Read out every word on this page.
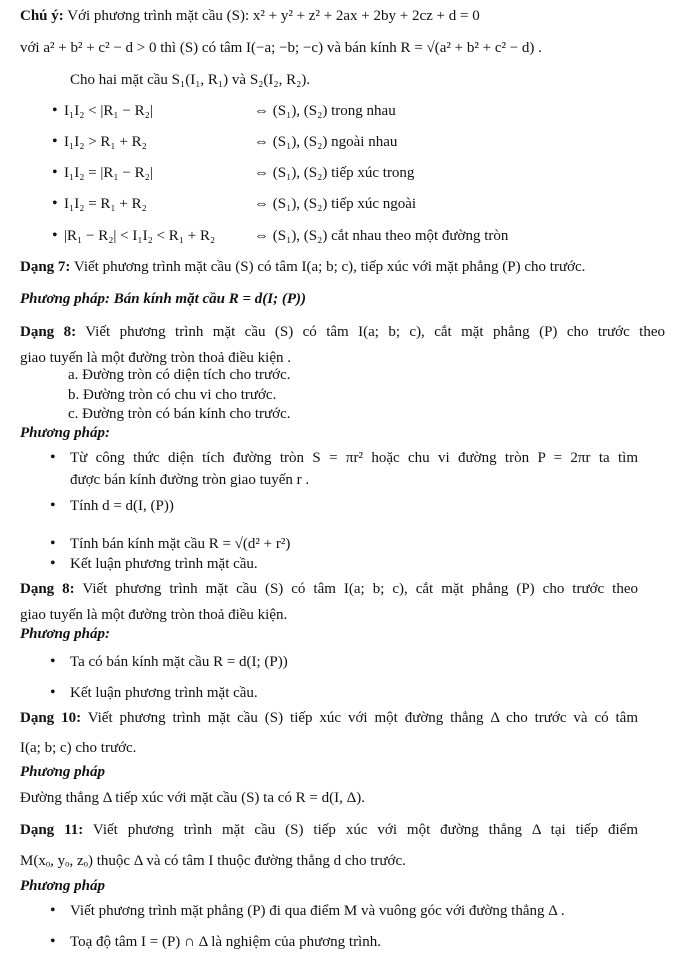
Chú ý: Với phương trình mặt cầu (S): x² + y² + z² + 2ax + 2by + 2cz + d = 0
với a² + b² + c² − d > 0 thì (S) có tâm I(−a; −b; −c) và bán kính R = √(a² + b² + c² − d) .
Cho hai mặt cầu S₁(I₁, R₁) và S₂(I₂, R₂).
• I₁I₂ < |R₁ − R₂|	⇔ (S₁), (S₂) trong nhau
• I₁I₂ > R₁ + R₂	⇔ (S₁), (S₂) ngoài nhau
• I₁I₂ = |R₁ − R₂|	⇔ (S₁), (S₂) tiếp xúc trong
• I₁I₂ = R₁ + R₂	⇔ (S₁), (S₂) tiếp xúc ngoài
• |R₁ − R₂| < I₁I₂ < R₁ + R₂	⇔ (S₁), (S₂) cắt nhau theo một đường tròn
Dạng 7: Viết phương trình mặt cầu (S) có tâm I(a; b; c), tiếp xúc với mặt phẳng (P) cho trước.
Phương pháp: Bán kính mặt cầu R = d(I; (P))
Dạng 8: Viết phương trình mặt cầu (S) có tâm I(a; b; c), cắt mặt phẳng (P) cho trước theo
giao tuyến là một đường tròn thoả điều kiện .
a. Đường tròn có diện tích cho trước.
b. Đường tròn có chu vi cho trước.
c. Đường tròn có bán kính cho trước.
Phương pháp:
• Từ công thức diện tích đường tròn S = πr² hoặc chu vi đường tròn P = 2πr ta tìm
được bán kính đường tròn giao tuyến r .
• Tính d = d(I, (P))
• Tính bán kính mặt cầu R = √(d² + r²)
• Kết luận phương trình mặt cầu.
Dạng 8: Viết phương trình mặt cầu (S) có tâm I(a; b; c), cắt mặt phẳng (P) cho trước theo
giao tuyến là một đường tròn thoả điều kiện.
Phương pháp:
• Ta có bán kính mặt cầu R = d(I; (P))
• Kết luận phương trình mặt cầu.
Dạng 10: Viết phương trình mặt cầu (S) tiếp xúc với một đường thẳng Δ cho trước và có tâm
I(a; b; c) cho trước.
Phương pháp
Đường thẳng Δ tiếp xúc với mặt cầu (S) ta có R = d(I, Δ).
Dạng 11: Viết phương trình mặt cầu (S) tiếp xúc với một đường thẳng Δ tại tiếp điểm
M(xₒ, yₒ, zₒ) thuộc Δ và có tâm I thuộc đường thẳng d cho trước.
Phương pháp
• Viết phương trình mặt phẳng (P) đi qua điểm M và vuông góc với đường thẳng Δ .
• Toạ độ tâm I = (P) ∩ Δ là nghiệm của phương trình.
